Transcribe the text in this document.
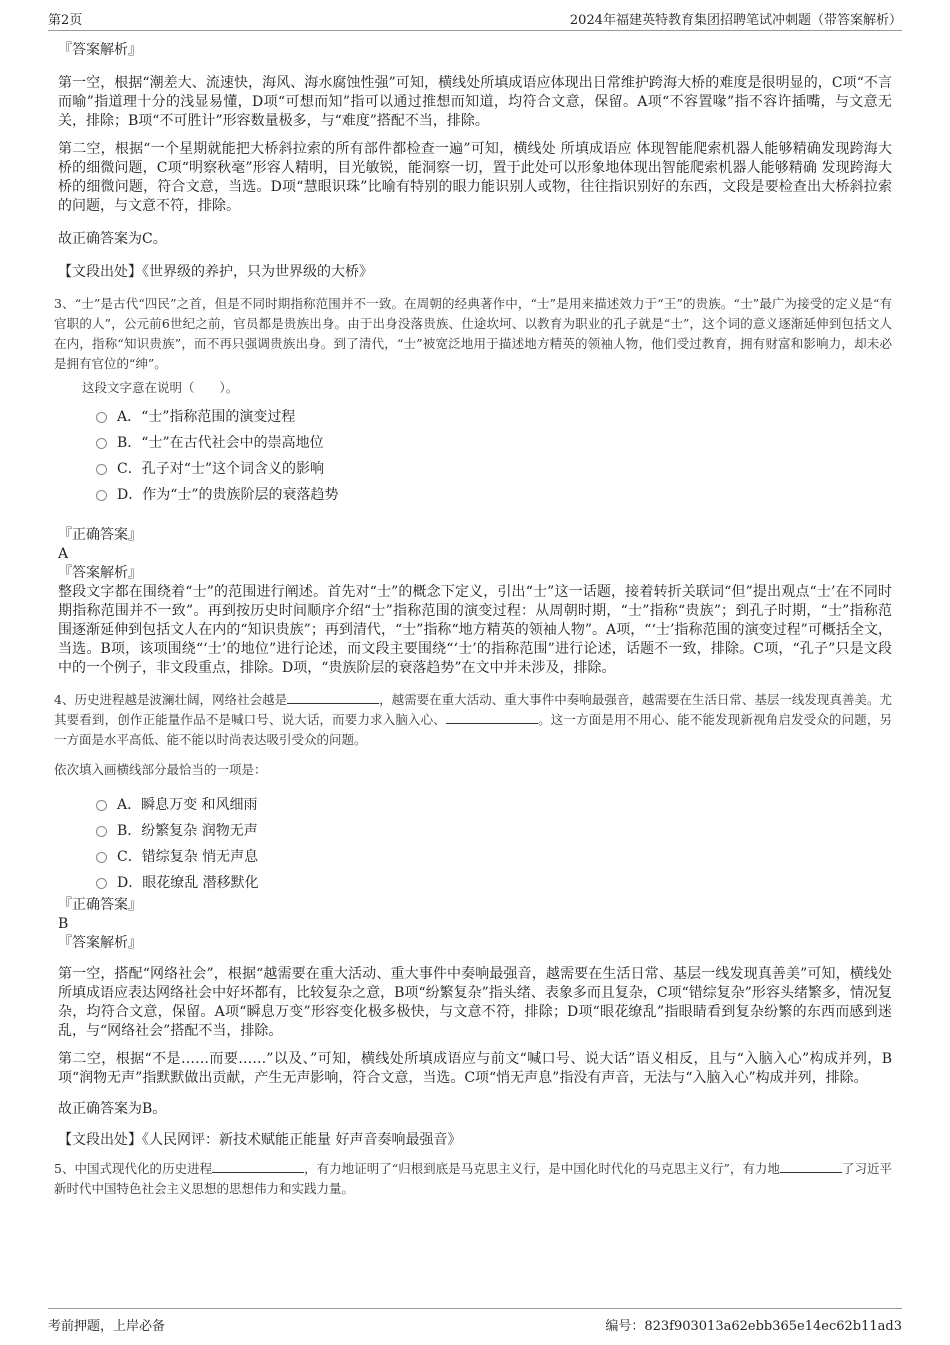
第2页	2024年福建英特教育集团招聘笔试冲刺题（带答案解析）
『答案解析』
第一空，根据“潮差大、流速快，海风、海水腐蚀性强”可知，横线处所填成语应体现出日常维护跨海大桥的难度是很明显的，C项“不言而喻”指道理十分的浅显易懂，D项“可想而知”指可以通过推想而知道，均符合文意，保留。A项“不容置喙”指不容许插嘴，与文意无关，排除；B项“不可胜计”形容数量极多，与“难度”搭配不当，排除。
第二空，根据“一个星期就能把大桥斜拉索的所有部件都检查一遍”可知，横线处 所填成语应 体现智能爬索机器人能够精确发现跨海大桥的细微问题，C项“明察秋毫”形容人精明，目光敏锐，能洞察一切，置于此处可以形象地体现出智能爬索机器人能够精确 发现跨海大桥的细微问题，符合文意，当选。D项“慧眼识珠”比喻有特别的眼力能识别人或物，往往指识别好的东西，文段是要检查出大桥斜拉索的问题，与文意不符，排除。
故正确答案为C。
【文段出处】《世界级的养护，只为世界级的大桥》
3、“士”是古代“四民”之首，但是不同时期指称范围并不一致。在周朝的经典著作中，“士”是用来描述效力于“王”的贵族。“士”最广为接受的定义是“有官职的人”，公元前6世纪之前，官员都是贵族出身。由于出身没落贵族、仕途坎坷、以教育为职业的孔子就是“士”，这个词的意义逐渐延伸到包括文人在内，指称“知识贵族”，而不再只强调贵族出身。到了清代，“士”被宽泛地用于描述地方精英的领袖人物，他们受过教育，拥有财富和影响力，却未必是拥有官位的“绅”。
这段文字意在说明（　　）。
A．“士”指称范围的演变过程
B．“士”在古代社会中的崇高地位
C．孔子对“士”这个词含义的影响
D．作为“士”的贵族阶层的衰落趋势
『正确答案』
A
『答案解析』
整段文字都在围绕着“士”的范围进行阐述。首先对“士”的概念下定义，引出“士”这一话题，接着转折关联词“但”提出观点“士’在不同时期指称范围并不一致”。再到按历史时间顺序介绍“士”指称范围的演变过程：从周朝时期，“士”指称“贵族”；到孔子时期，“士”指称范围逐渐延伸到包括文人在内的“知识贵族”；再到清代，“士”指称“地方精英的领袖人物”。A项，“‘士’指称范围的演变过程”可概括全文，当选。B项，该项围绕“‘士’的地位”进行论述，而文段主要围绕“‘士’的指称范围”进行论述，话题不一致，排除。C项，“孔子”只是文段中的一个例子，非文段重点，排除。D项，“贵族阶层的衰落趋势”在文中并未涉及，排除。
4、历史进程越是波澜壮阔，网络社会越是	，越需要在重大活动、重大事件中奏响最强音，越需要在生活日常、基层一线发现真善美。尤其要看到，创作正能量作品不是喊口号、说大话，而要力求入脑入心、	。这一方面是用不用心、能不能发现新视角启发受众的问题，另一方面是水平高低、能不能以时尚表达吸引受众的问题。
依次填入画横线部分最恰当的一项是：
A．瞬息万变 和风细雨
B．纷繁复杂 润物无声
C．错综复杂 悄无声息
D．眼花缭乱 潜移默化
『正确答案』
B
『答案解析』
第一空，搭配“网络社会”，根据“越需要在重大活动、重大事件中奏响最强音，越需要在生活日常、基层一线发现真善美”可知，横线处所填成语应表达网络社会中好坏都有，比较复杂之意，B项“纷繁复杂”指头绪、表象多而且复杂，C项“错综复杂”形容头绪繁多，情况复杂，均符合文意，保留。A项“瞬息万变”形容变化极多极快，与文意不符，排除；D项“眼花缭乱”指眼睛看到复杂纷繁的东西而感到迷乱，与“网络社会”搭配不当，排除。
第二空，根据“不是……而要……”以及、”可知，横线处所填成语应与前文“喊口号、说大话”语义相反，且与“入脑入心”构成并列，B项“润物无声”指默默做出贡献，产生无声影响，符合文意，当选。C项“悄无声息”指没有声音，无法与“入脑入心”构成并列，排除。
故正确答案为B。
【文段出处】《人民网评：新技术赋能正能量 好声音奏响最强音》
5、中国式现代化的历史进程	，有力地证明了“归根到底是马克思主义行，是中国化时代化的马克思主义行”，有力地	了习近平新时代中国特色社会主义思想的思想伟力和实践力量。
考前押题，上岸必备	编号：823f903013a62ebb365e14ec62b11ad3
